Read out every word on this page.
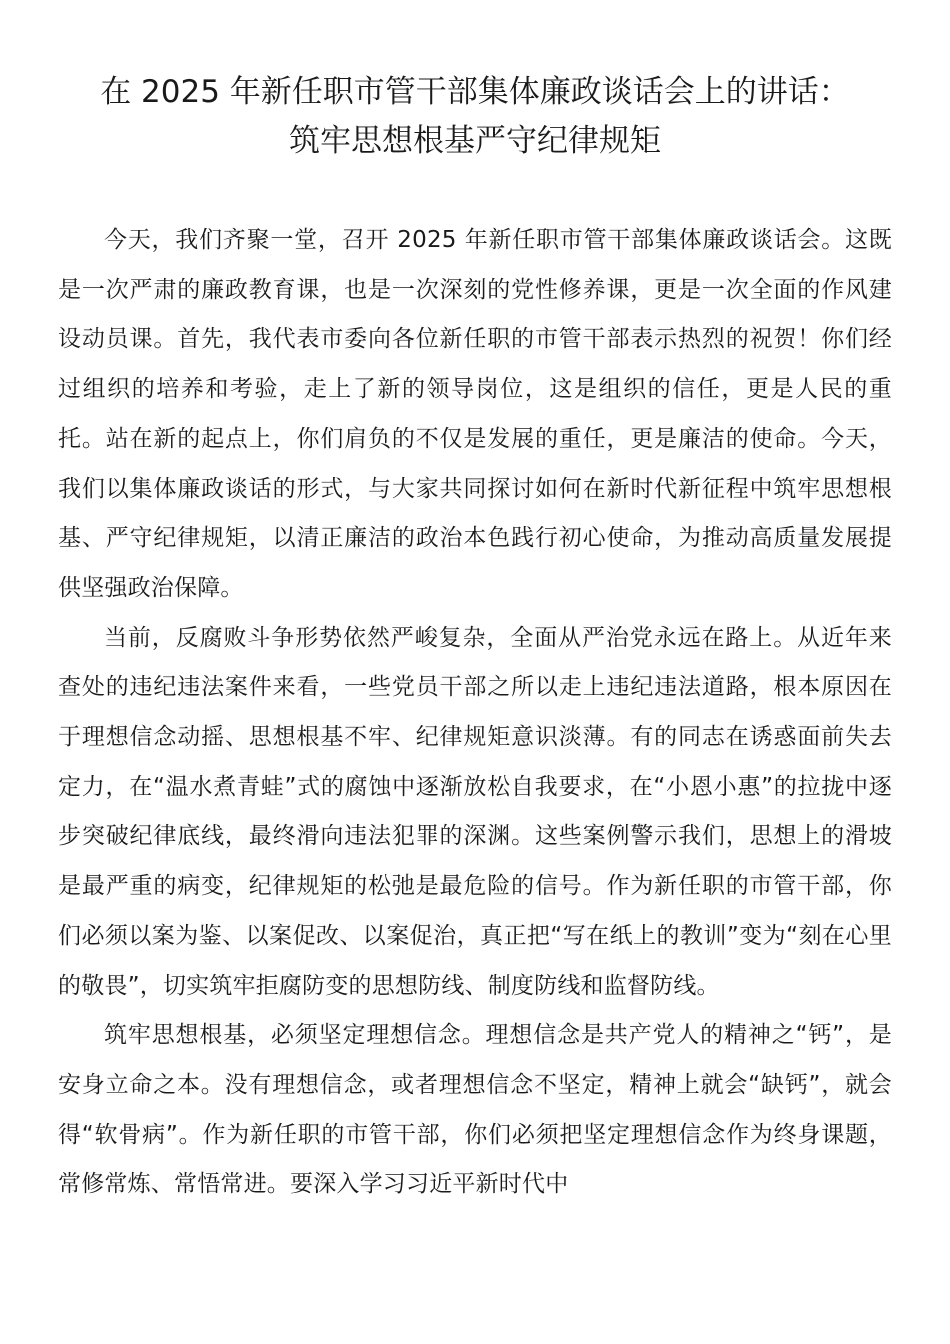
在 2025 年新任职市管干部集体廉政谈话会上的讲话：
筑牢思想根基严守纪律规矩

今天，我们齐聚一堂，召开 2025 年新任职市管干部集体廉政谈话会。这既是一次严肃的廉政教育课，也是一次深刻的党性修养课，更是一次全面的作风建设动员课。首先，我代表市委向各位新任职的市管干部表示热烈的祝贺！你们经过组织的培养和考验，走上了新的领导岗位，这是组织的信任，更是人民的重托。站在新的起点上，你们肩负的不仅是发展的重任，更是廉洁的使命。今天，我们以集体廉政谈话的形式，与大家共同探讨如何在新时代新征程中筑牢思想根基、严守纪律规矩，以清正廉洁的政治本色践行初心使命，为推动高质量发展提供坚强政治保障。

当前，反腐败斗争形势依然严峻复杂，全面从严治党永远在路上。从近年来查处的违纪违法案件来看，一些党员干部之所以走上违纪违法道路，根本原因在于理想信念动摇、思想根基不牢、纪律规矩意识淡薄。有的同志在诱惑面前失去定力，在“温水煮青蛙”式的腐蚀中逐渐放松自我要求，在“小恩小惠”的拉拢中逐步突破纪律底线，最终滑向违法犯罪的深渊。这些案例警示我们，思想上的滑坡是最严重的病变，纪律规矩的松弛是最危险的信号。作为新任职的市管干部，你们必须以案为鉴、以案促改、以案促治，真正把“写在纸上的教训”变为“刻在心里的敬畏”，切实筑牢拒腐防变的思想防线、制度防线和监督防线。

筑牢思想根基，必须坚定理想信念。理想信念是共产党人的精神之“钙”，是安身立命之本。没有理想信念，或者理想信念不坚定，精神上就会“缺钙”，就会得“软骨病”。作为新任职的市管干部，你们必须把坚定理想信念作为终身课题，常修常炼、常悟常进。要深入学习习近平新时代中
